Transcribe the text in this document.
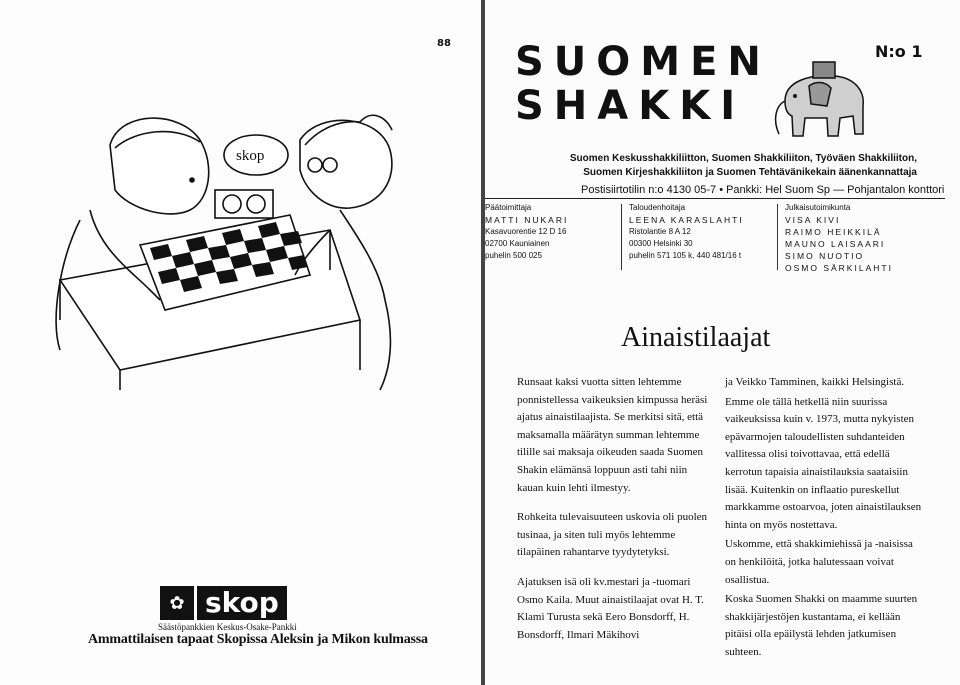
88
skop
✿ skop
Säästöpankkien Keskus-Osake-Pankki
Ammattilaisen tapaat Skopissa Aleksin ja Mikon kulmassa
SUOMEN
SHAKKI
N:o 1
Suomen Keskusshakkiliitton, Suomen Shakkiliiton, Työväen Shakkiliiton,
Suomen Kirjeshakkiliiton ja Suomen Tehtävänikekain äänenkannattaja
Postisiirtotilin n:o 4130 05-7 • Pankki: Hel Suom Sp — Pohjantalon konttori
Päätoimittaja
MATTI NUKARI
Kasavuorentie 12 D 16
02700 Kauniainen
puhelin 500 025
Taloudenhoitaja
LEENA KARASLAHTI
Ristolantie 8 A 12
00300 Helsinki 30
puhelin 571 105 k, 440 481/16 t
Julkaisutoimikunta
VISA KIVI
RAIMO HEIKKILÄ
MAUNO LAISAARI
SIMO NUOTIO
OSMO SÄRKILAHTI
Ainaistilaajat

Runsaat kaksi vuotta sitten lehtemme ponnistellessa vaikeuksien kimpussa heräsi ajatus ainaistilaajista. Se merkitsi sitä, että maksamalla määrätyn summan lehtemme tilille sai maksaja oikeuden saada Suomen Shakin elämänsä loppuun asti tahi niin kauan kuin lehti ilmestyy.

Rohkeita tulevaisuuteen uskovia oli puolen tusinaa, ja siten tuli myös lehtemme tilapäinen rahantarve tyydytetyksi.

Ajatuksen isä oli kv.mestari ja -tuomari Osmo Kaila. Muut ainaistilaajat ovat H. T. Klami Turusta sekä Eero Bonsdorff, H. Bonsdorff, Ilmari Mäkihovi

ja Veikko Tamminen, kaikki Helsingistä.

Emme ole tällä hetkellä niin suurissa vaikeuksissa kuin v. 1973, mutta nykyisten epävarmojen taloudellisten suhdanteiden vallitessa olisi toivottavaa, että edellä kerrotun tapaisia ainaistilauksia saataisiin lisää. Kuitenkin on inflaatio pureskellut markkamme ostoarvoa, joten ainaistilauksen hinta on myös nostettava.

Uskomme, että shakkimiehissä ja -naisissa on henkilöitä, jotka halutessaan voivat osallistua.

Koska Suomen Shakki on maamme suurten shakkijärjestöjen kustantama, ei kellään pitäisi olla epäilystä lehden jatkumisen suhteen.
